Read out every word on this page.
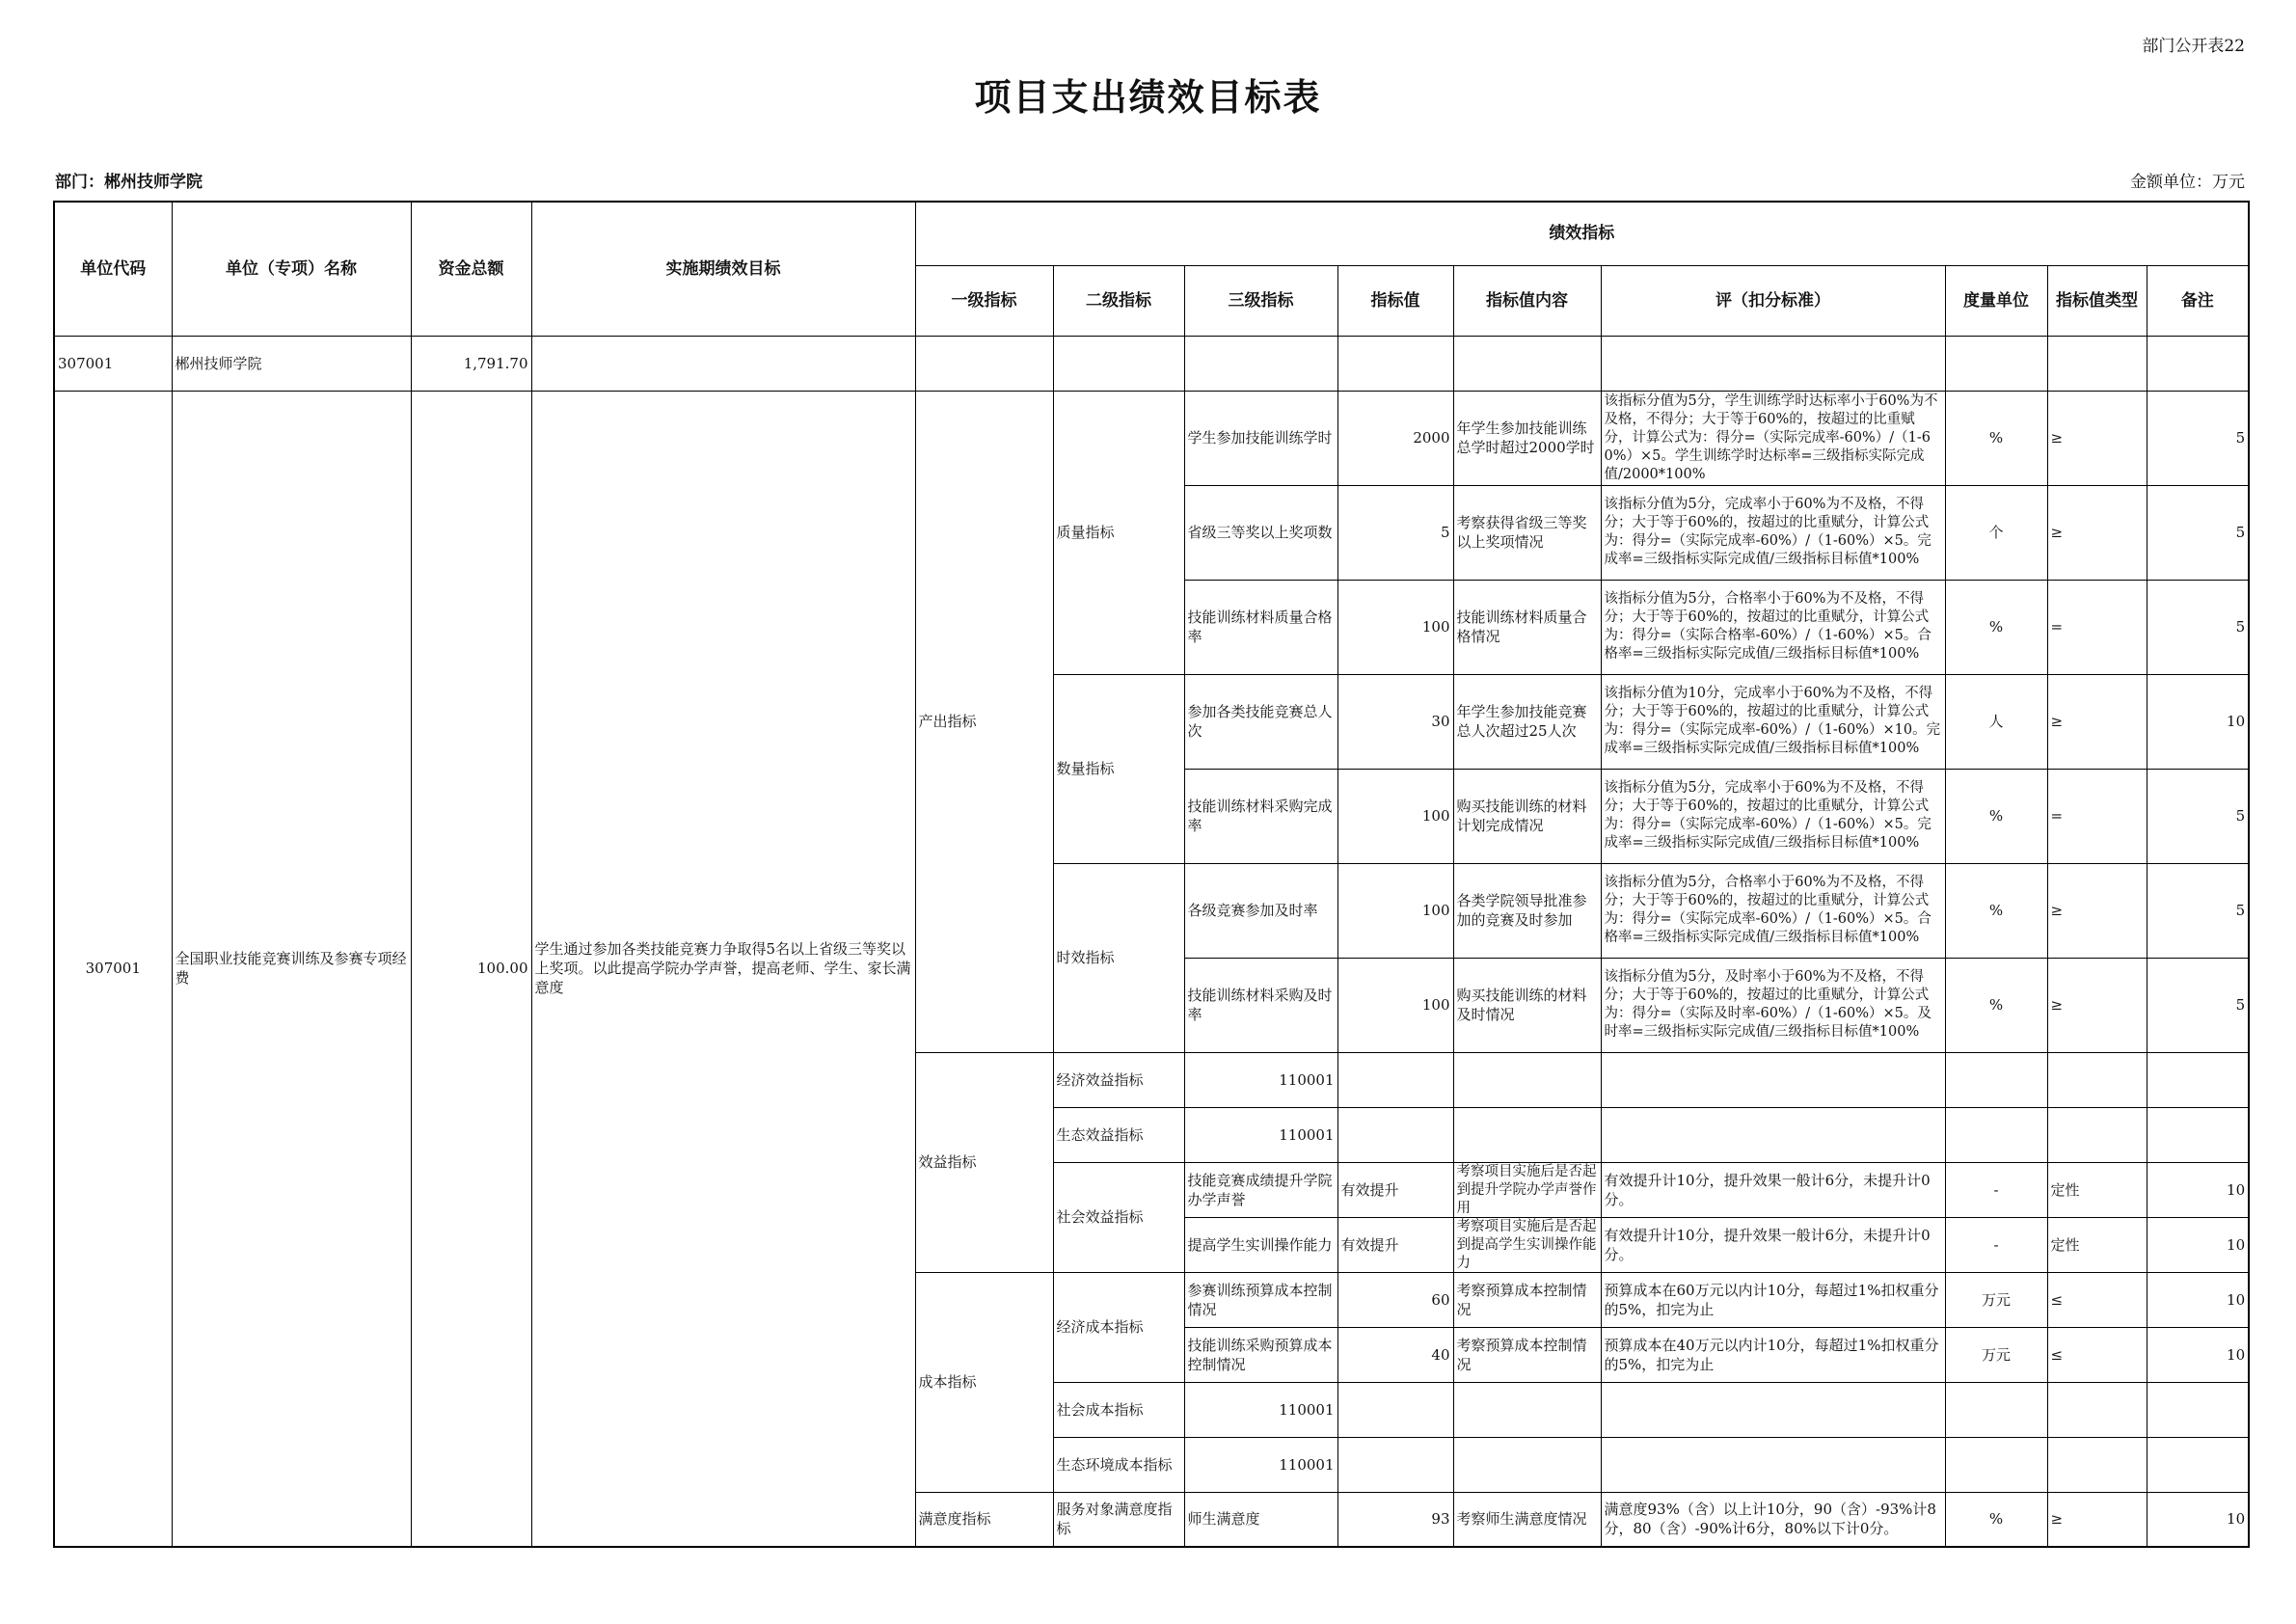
部门公开表22
项目支出绩效目标表
部门：郴州技师学院	金额单位：万元
单位代码	单位（专项）名称	资金总额	实施期绩效目标	绩效指标								
				一级指标	二级指标	三级指标	指标值	指标值内容	评（扣分标准）	度量单位	指标值类型	备注
307001	郴州技师学院	1,791.70										
307001	全国职业技能竞赛训练及参赛专项经费	100.00	学生通过参加各类技能竞赛力争取得5名以上省级三等奖以上奖项。以此提高学院办学声誉，提高老师、学生、家长满意度	产出指标	质量指标	学生参加技能训练学时	2000	年学生参加技能训练总学时超过2000学时	该指标分值为5分，学生训练学时达标率小于60%为不及格，不得分；大于等于60%的，按超过的比重赋分，计算公式为：得分=（实际完成率-60%）/（1-60%）×5。学生训练学时达标率=三级指标实际完成值/2000*100%	%	≥	5
						省级三等奖以上奖项数	5	考察获得省级三等奖以上奖项情况	该指标分值为5分，完成率小于60%为不及格，不得分；大于等于60%的，按超过的比重赋分，计算公式为：得分=（实际完成率-60%）/（1-60%）×5。完成率=三级指标实际完成值/三级指标目标值*100%	个	≥	5
						技能训练材料质量合格率	100	技能训练材料质量合格情况	该指标分值为5分，合格率小于60%为不及格，不得分；大于等于60%的，按超过的比重赋分，计算公式为：得分=（实际合格率-60%）/（1-60%）×5。合格率=三级指标实际完成值/三级指标目标值*100%	%	=	5
					数量指标	参加各类技能竞赛总人次	30	年学生参加技能竞赛总人次超过25人次	该指标分值为10分，完成率小于60%为不及格，不得分；大于等于60%的，按超过的比重赋分，计算公式为：得分=（实际完成率-60%）/（1-60%）×10。完成率=三级指标实际完成值/三级指标目标值*100%	人	≥	10
						技能训练材料采购完成率	100	购买技能训练的材料计划完成情况	该指标分值为5分，完成率小于60%为不及格，不得分；大于等于60%的，按超过的比重赋分，计算公式为：得分=（实际完成率-60%）/（1-60%）×5。完成率=三级指标实际完成值/三级指标目标值*100%	%	=	5
					时效指标	各级竞赛参加及时率	100	各类学院领导批准参加的竞赛及时参加	该指标分值为5分，合格率小于60%为不及格，不得分；大于等于60%的，按超过的比重赋分，计算公式为：得分=（实际完成率-60%）/（1-60%）×5。合格率=三级指标实际完成值/三级指标目标值*100%	%	≥	5
						技能训练材料采购及时率	100	购买技能训练的材料及时情况	该指标分值为5分，及时率小于60%为不及格，不得分；大于等于60%的，按超过的比重赋分，计算公式为：得分=（实际及时率-60%）/（1-60%）×5。及时率=三级指标实际完成值/三级指标目标值*100%	%	≥	5
				效益指标	经济效益指标	110001						
					生态效益指标	110001						
					社会效益指标	技能竞赛成绩提升学院办学声誉	有效提升	考察项目实施后是否起到提升学院办学声誉作用	有效提升计10分，提升效果一般计6分，未提升计0分。	-	定性	10
						提高学生实训操作能力	有效提升	考察项目实施后是否起到提高学生实训操作能力	有效提升计10分，提升效果一般计6分，未提升计0分。	-	定性	10
				成本指标	经济成本指标	参赛训练预算成本控制情况	60	考察预算成本控制情况	预算成本在60万元以内计10分，每超过1%扣权重分的5%，扣完为止	万元	≤	10
						技能训练采购预算成本控制情况	40	考察预算成本控制情况	预算成本在40万元以内计10分，每超过1%扣权重分的5%，扣完为止	万元	≤	10
					社会成本指标	110001						
					生态环境成本指标	110001						
				满意度指标	服务对象满意度指标	师生满意度	93	考察师生满意度情况	满意度93%（含）以上计10分，90（含）-93%计8分，80（含）-90%计6分，80%以下计0分。	%	≥	10
